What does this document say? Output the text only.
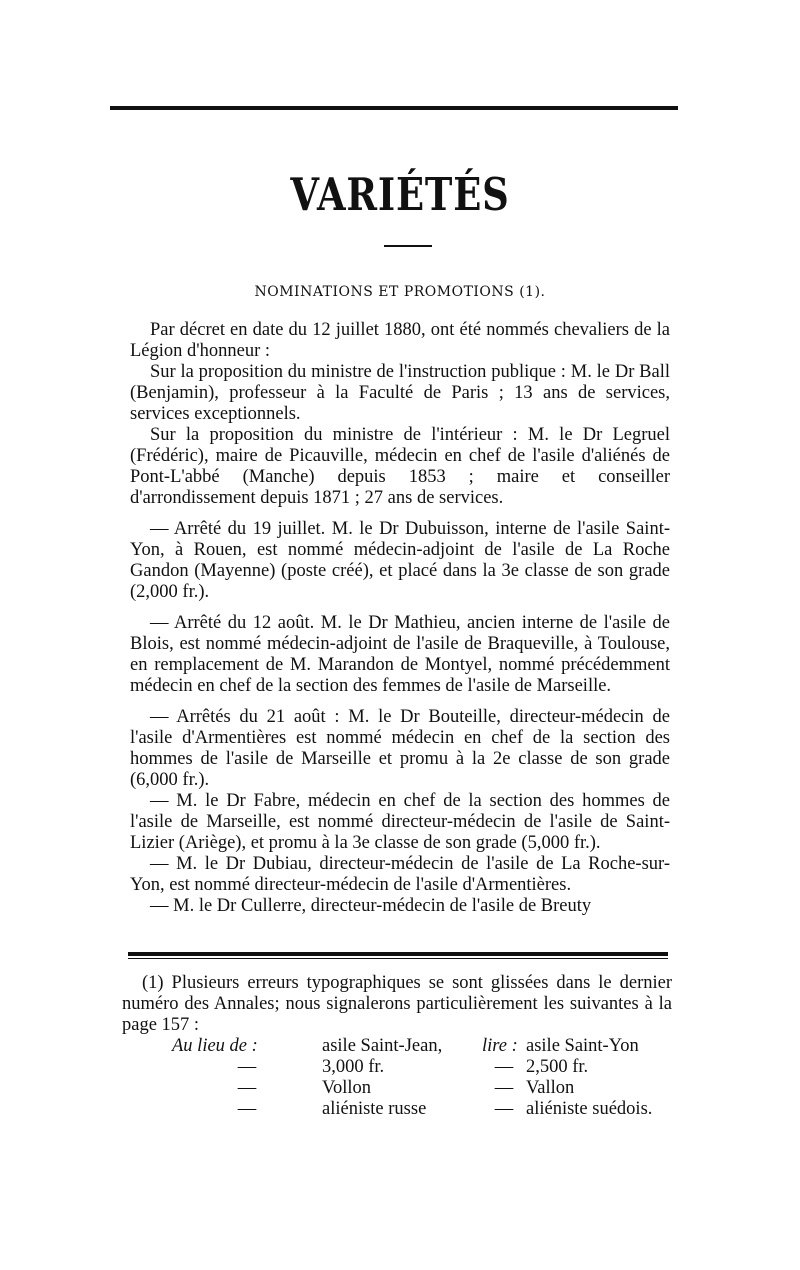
VARIÉTÉS
NOMINATIONS ET PROMOTIONS (1).

Par décret en date du 12 juillet 1880, ont été nommés chevaliers de la Légion d'honneur :

Sur la proposition du ministre de l'instruction publique : M. le Dr Ball (Benjamin), professeur à la Faculté de Paris ; 13 ans de services, services exceptionnels.

Sur la proposition du ministre de l'intérieur : M. le Dr Legruel (Frédéric), maire de Picauville, médecin en chef de l'asile d'aliénés de Pont-L'abbé (Manche) depuis 1853 ; maire et conseiller d'arrondissement depuis 1871 ; 27 ans de services.

— Arrêté du 19 juillet. M. le Dr Dubuisson, interne de l'asile Saint-Yon, à Rouen, est nommé médecin-adjoint de l'asile de La Roche Gandon (Mayenne) (poste créé), et placé dans la 3e classe de son grade (2,000 fr.).

— Arrêté du 12 août. M. le Dr Mathieu, ancien interne de l'asile de Blois, est nommé médecin-adjoint de l'asile de Braqueville, à Toulouse, en remplacement de M. Marandon de Montyel, nommé précédemment médecin en chef de la section des femmes de l'asile de Marseille.

— Arrêtés du 21 août : M. le Dr Bouteille, directeur-médecin de l'asile d'Armentières est nommé médecin en chef de la section des hommes de l'asile de Marseille et promu à la 2e classe de son grade (6,000 fr.).

— M. le Dr Fabre, médecin en chef de la section des hommes de l'asile de Marseille, est nommé directeur-médecin de l'asile de Saint-Lizier (Ariège), et promu à la 3e classe de son grade (5,000 fr.).

— M. le Dr Dubiau, directeur-médecin de l'asile de La Roche-sur-Yon, est nommé directeur-médecin de l'asile d'Armentières.

— M. le Dr Cullerre, directeur-médecin de l'asile de Breuty

(1) Plusieurs erreurs typographiques se sont glissées dans le dernier numéro des Annales; nous signalerons particulièrement les suivantes à la page 157 :

Au lieu de :	asile Saint-Jean,	lire : asile Saint-Yon
—	3,000 fr.	— 2,500 fr.
—	Vollon	— Vallon
—	aliéniste russe	— aliéniste suédois.
